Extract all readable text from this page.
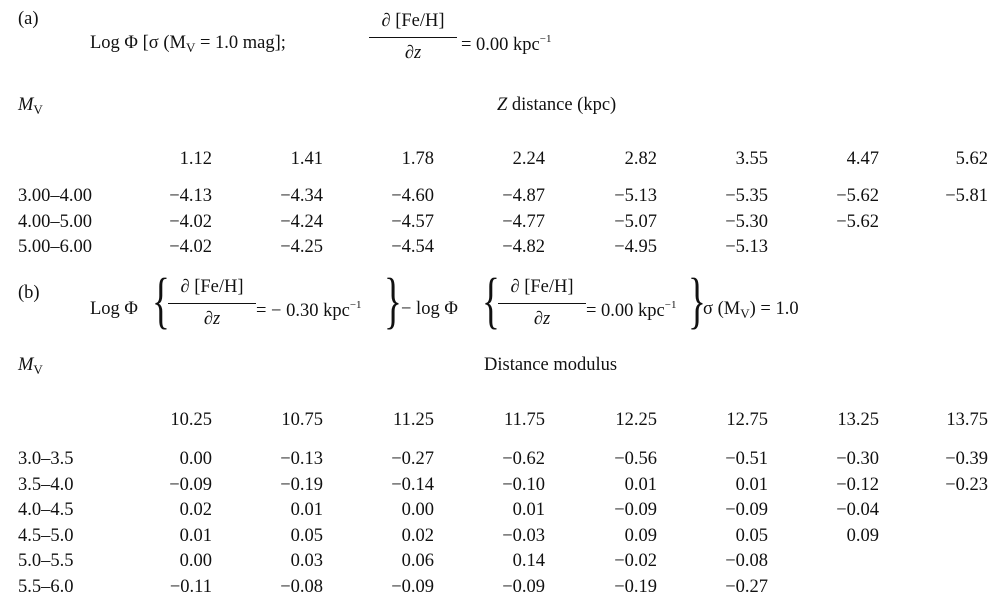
(a)
Log Φ [σ ($M_V = 1.0$ mag];
∂ [Fe/H]
∂z	= 0.00 kpc$^{-1}$
$M_V$	Z distance (kpc)
1.12	1.41	1.78	2.24	2.82	3.55	4.47	5.62
3.00–4.00	−4.13	−4.34	−4.60	−4.87	−5.13	−5.35	−5.62	−5.81
4.00–5.00	−4.02	−4.24	−4.57	−4.77	−5.07	−5.30	−5.62
5.00–6.00	−4.02	−4.25	−4.54	−4.82	−4.95	−5.13
(b)
Log Φ { ∂ [Fe/H]
∂z	= − 0.30 kpc$^{-1}$ } − log Φ { ∂ [Fe/H]
∂z	= 0.00 kpc$^{-1}$ }
σ $(M_V) = 1.0$
$M_V$	Distance modulus
10.25	10.75	11.25	11.75	12.25	12.75	13.25	13.75
3.0–3.5	0.00	−0.13	−0.27	−0.62	−0.56	−0.51	−0.30	−0.39
3.5–4.0	−0.09	−0.19	−0.14	−0.10	0.01	0.01	−0.12	−0.23
4.0–4.5	0.02	0.01	0.00	0.01	−0.09	−0.09	−0.04
4.5–5.0	0.01	0.05	0.02	−0.03	0.09	0.05	0.09
5.0–5.5	0.00	0.03	0.06	0.14	−0.02	−0.08
5.5–6.0	−0.11	−0.08	−0.09	−0.09	−0.19	−0.27
